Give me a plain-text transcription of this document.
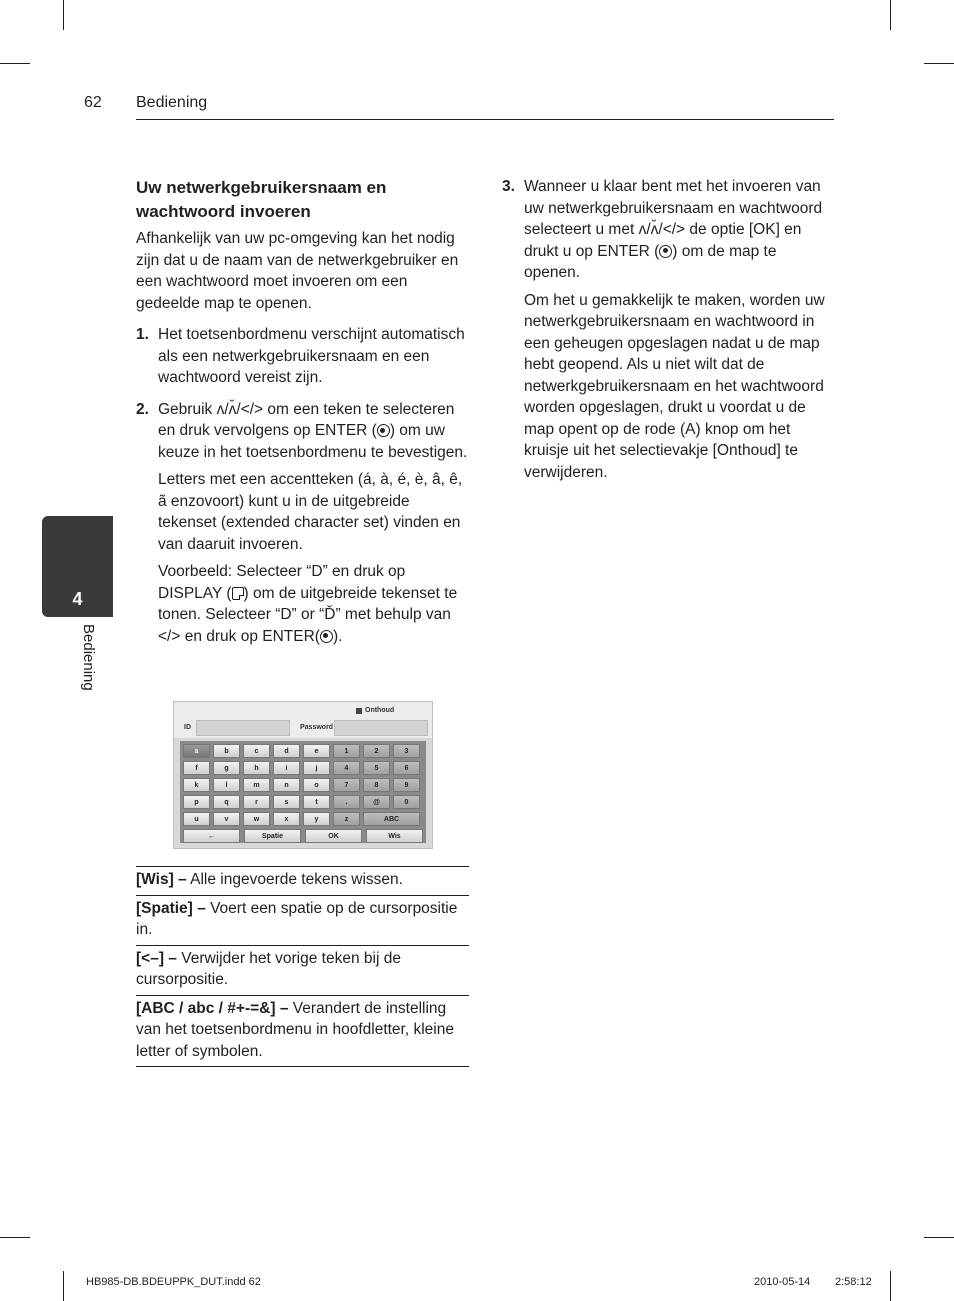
62 Bediening
4
Bediening
Uw netwerkgebruikersnaam en wachtwoord invoeren

Afhankelijk van uw pc-omgeving kan het nodig zijn dat u de naam van de netwerkgebruiker en een wachtwoord moet invoeren om een gedeelde map te openen.

1. Het toetsenbordmenu verschijnt automatisch als een netwerkgebruikersnaam en een wachtwoord vereist zijn.
2. Gebruik ʌ/ʌ̆/</> om een teken te selecteren en druk vervolgens op ENTER ( ) om uw keuze in het toetsenbordmenu te bevestigen.

Letters met een accentteken (á, à, é, è, â, ê, ã enzovoort) kunt u in de uitgebreide tekenset (extended character set) vinden en van daaruit invoeren.

Voorbeeld: Selecteer “D” en druk op DISPLAY ( ) om de uitgebreide tekenset te tonen. Selecteer “D” or “Ď” met behulp van </> en druk op ENTER( ).

Onthoud
ID	Password
a	b	c	d	e	1	2	3
f	g	h	i	j	4	5	6
k	l	m	n	o	7	8	9
p	q	r	s	t	.	@	0
u	v	w	x	y	z	ABC
←	Spatie	OK	Wis
[Wis] – Alle ingevoerde tekens wissen.
[Spatie] – Voert een spatie op de cursorpositie in.
[<–] – Verwijder het vorige teken bij de cursorpositie.
[ABC / abc / #+-=&] – Verandert de instelling van het toetsenbordmenu in hoofdletter, kleine letter of symbolen.
3. Wanneer u klaar bent met het invoeren van uw netwerkgebruikersnaam en wachtwoord selecteert u met ʌ/ʌ̆/</> de optie [OK] en drukt u op ENTER ( ) om de map te openen.

Om het u gemakkelijk te maken, worden uw netwerkgebruikersnaam en wachtwoord in een geheugen opgeslagen nadat u de map hebt geopend. Als u niet wilt dat de netwerkgebruikersnaam en het wachtwoord worden opgeslagen, drukt u voordat u de map opent op de rode (A) knop om het kruisje uit het selectievakje [Onthoud] te verwijderen.

HB985-DB.BDEUPPK_DUT.indd 62	2010-05-14 2:58:12
